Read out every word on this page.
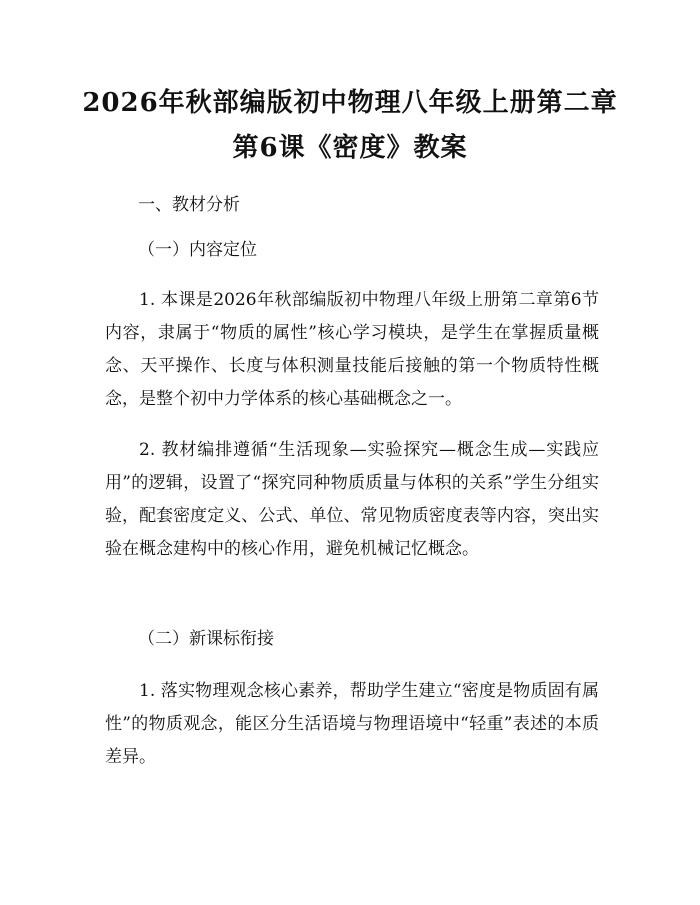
2026年秋部编版初中物理八年级上册第二章
第6课《密度》教案
一、教材分析
（一）内容定位
1. 本课是2026年秋部编版初中物理八年级上册第二章第6节内容，隶属于“物质的属性”核心学习模块，是学生在掌握质量概念、天平操作、长度与体积测量技能后接触的第一个物质特性概念，是整个初中力学体系的核心基础概念之一。
2. 教材编排遵循“生活现象—实验探究—概念生成—实践应用”的逻辑，设置了“探究同种物质质量与体积的关系”学生分组实验，配套密度定义、公式、单位、常见物质密度表等内容，突出实验在概念建构中的核心作用，避免机械记忆概念。
（二）新课标衔接
1. 落实物理观念核心素养，帮助学生建立“密度是物质固有属性”的物质观念，能区分生活语境与物理语境中“轻重”表述的本质差异。
